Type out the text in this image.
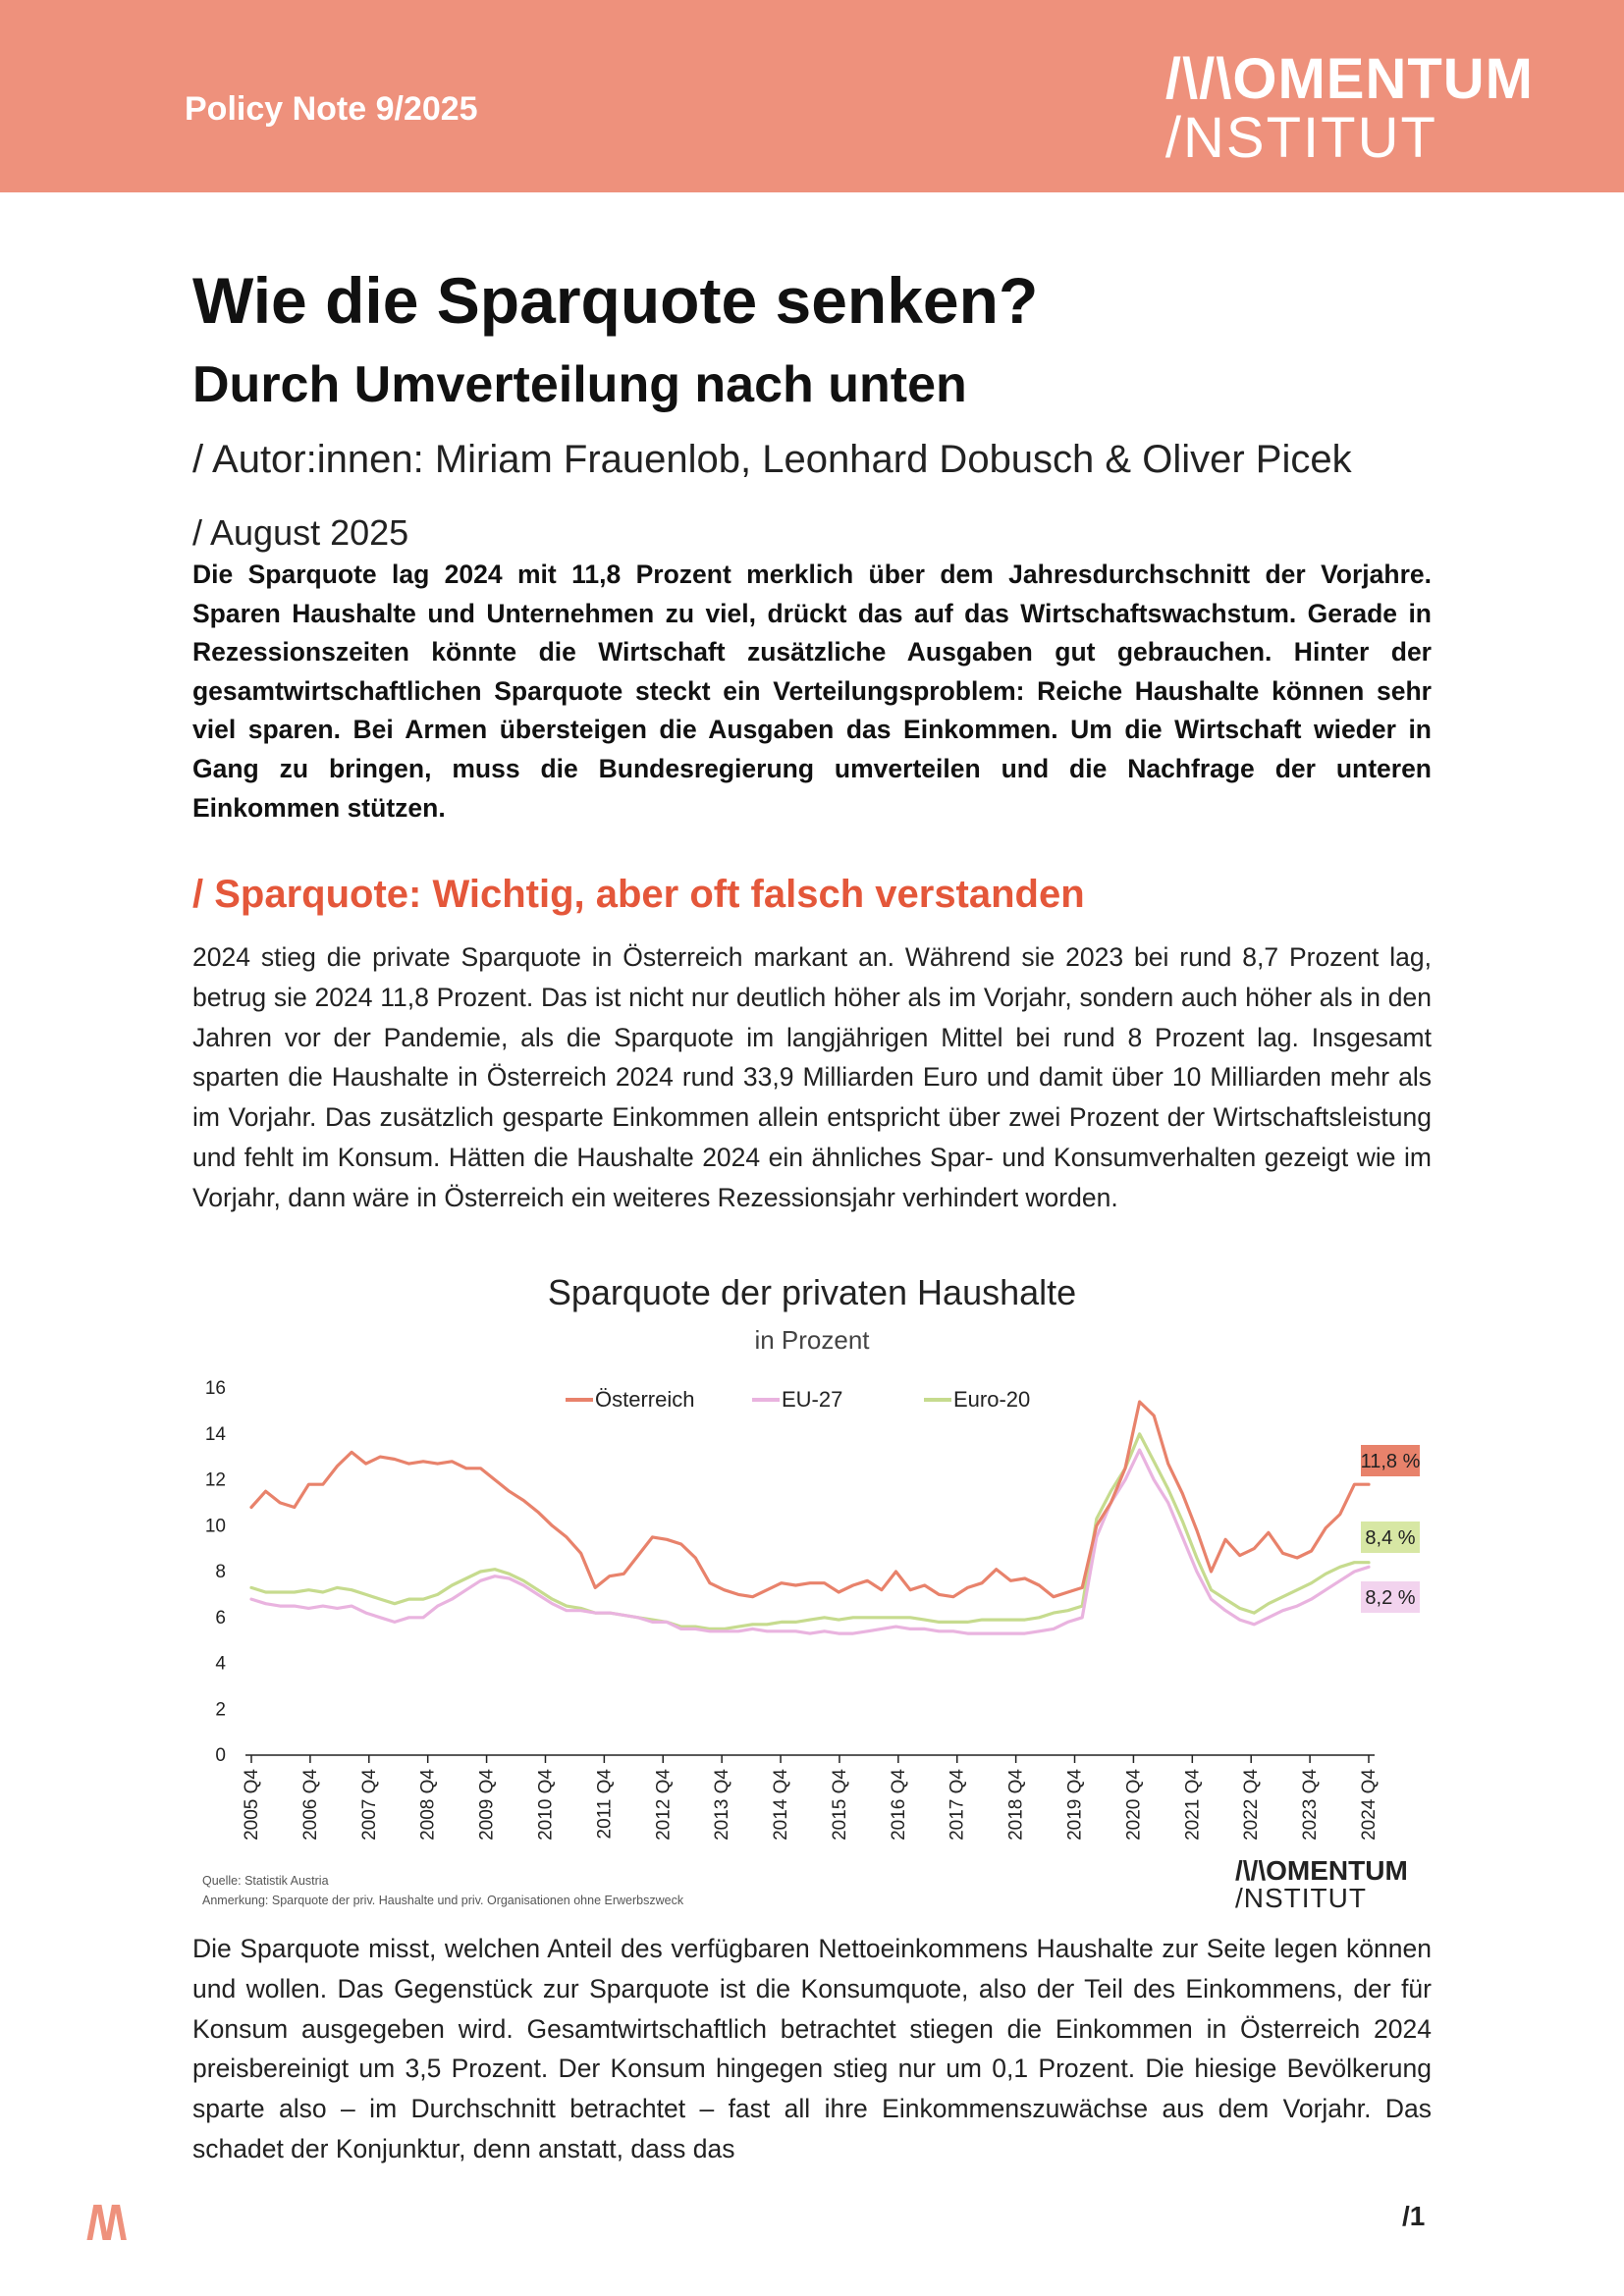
Policy Note 9/2025	/\/\OMENTUM
/NSTITUT
Wie die Sparquote senken?
Durch Umverteilung nach unten
/ Autor:innen: Miriam Frauenlob, Leonhard Dobusch & Oliver Picek
/ August 2025
Die Sparquote lag 2024 mit 11,8 Prozent merklich über dem Jahresdurchschnitt der Vorjahre. Sparen Haushalte und Unternehmen zu viel, drückt das auf das Wirtschaftswachstum. Gerade in Rezessionszeiten könnte die Wirtschaft zusätzliche Ausgaben gut gebrauchen. Hinter der gesamtwirtschaftlichen Sparquote steckt ein Verteilungsproblem: Reiche Haushalte können sehr viel sparen. Bei Armen übersteigen die Ausgaben das Einkommen. Um die Wirtschaft wieder in Gang zu bringen, muss die Bundesregierung umverteilen und die Nachfrage der unteren Einkommen stützen.
/ Sparquote: Wichtig, aber oft falsch verstanden
2024 stieg die private Sparquote in Österreich markant an. Während sie 2023 bei rund 8,7 Prozent lag, betrug sie 2024 11,8 Prozent. Das ist nicht nur deutlich höher als im Vorjahr, sondern auch höher als in den Jahren vor der Pandemie, als die Sparquote im langjährigen Mittel bei rund 8 Prozent lag. Insgesamt sparten die Haushalte in Österreich 2024 rund 33,9 Milliarden Euro und damit über 10 Milliarden mehr als im Vorjahr. Das zusätzlich gesparte Einkommen allein entspricht über zwei Prozent der Wirtschaftsleistung und fehlt im Konsum. Hätten die Haushalte 2024 ein ähnliches Spar- und Konsumverhalten gezeigt wie im Vorjahr, dann wäre in Österreich ein weiteres Rezessionsjahr verhindert worden.
Sparquote der privaten Haushalte
in Prozent
0
2
4
6
8
10
12
14
16
2005 Q4 2006 Q4 2007 Q4 2008 Q4 2009 Q4 2010 Q4 2011 Q4 2012 Q4 2013 Q4 2014 Q4 2015 Q4 2016 Q4 2017 Q4 2018 Q4 2019 Q4 2020 Q4 2021 Q4 2022 Q4 2023 Q4 2024 Q4
Österreich	EU-27	Euro-20
11,8 %
8,2 %
8,4 %
Quelle: Statistik Austria
Anmerkung: Sparquote der priv. Haushalte und priv. Organisationen ohne Erwerbszweck
/\/\OMENTUM
/NSTITUT
Die Sparquote misst, welchen Anteil des verfügbaren Nettoeinkommens Haushalte zur Seite legen können und wollen. Das Gegenstück zur Sparquote ist die Konsumquote, also der Teil des Einkommens, der für Konsum ausgegeben wird. Gesamtwirtschaftlich betrachtet stiegen die Einkommen in Österreich 2024 preisbereinigt um 3,5 Prozent. Der Konsum hingegen stieg nur um 0,1 Prozent. Die hiesige Bevölkerung sparte also – im Durchschnitt betrachtet – fast all ihre Einkommenszuwächse aus dem Vorjahr. Das schadet der Konjunktur, denn anstatt, dass das
/\/\	/1
